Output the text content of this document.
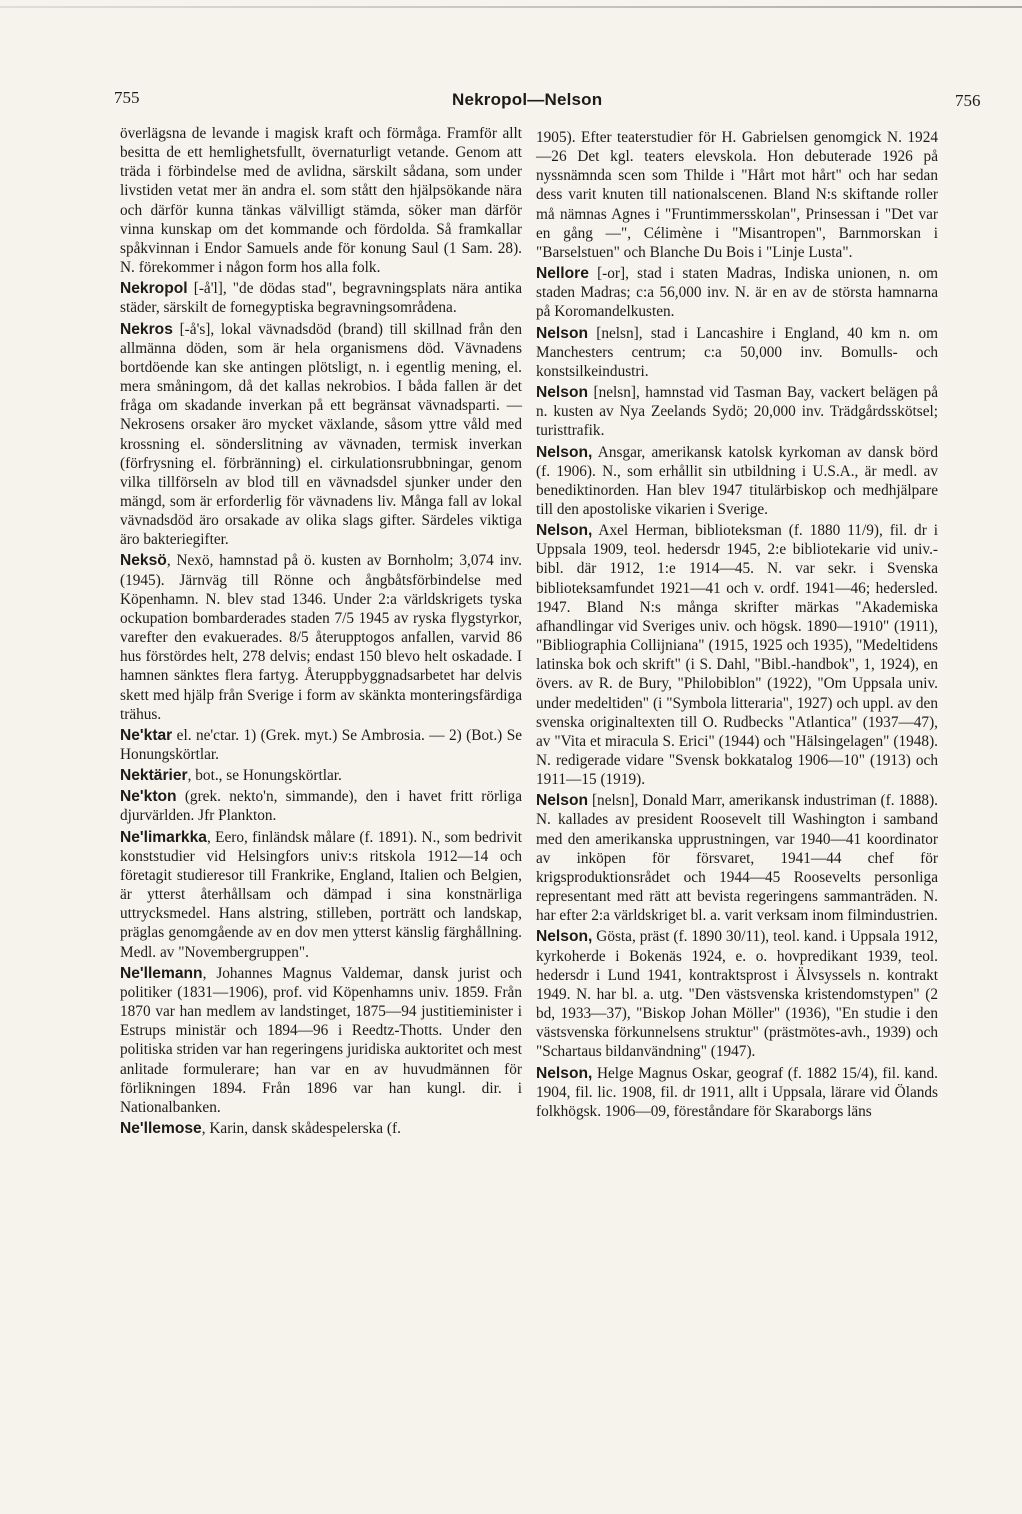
755	Nekropol—Nelson	756

överlägsna de levande i magisk kraft och förmåga. Framför allt besitta de ett hemlighetsfullt, övernaturligt vetande. Genom att träda i förbindelse med de avlidna, särskilt sådana, som under livstiden vetat mer än andra el. som stått den hjälpsökande nära och därför kunna tänkas välvilligt stämda, söker man därför vinna kunskap om det kommande och fördolda. Så framkallar spåkvinnan i Endor Samuels ande för konung Saul (1 Sam. 28). N. förekommer i någon form hos alla folk.

Nekropol [-å'l], "de dödas stad", begravningsplats nära antika städer, särskilt de fornegyptiska begravningsområdena.

Nekros [-å's], lokal vävnadsdöd (brand) till skillnad från den allmänna döden, som är hela organismens död. Vävnadens bortdöende kan ske antingen plötsligt, n. i egentlig mening, el. mera småningom, då det kallas nekrobios. I båda fallen är det fråga om skadande inverkan på ett begränsat vävnadsparti. — Nekrosens orsaker äro mycket växlande, såsom yttre våld med krossning el. sönderslitning av vävnaden, termisk inverkan (förfrysning el. förbränning) el. cirkulationsrubbningar, genom vilka tillförseln av blod till en vävnadsdel sjunker under den mängd, som är erforderlig för vävnadens liv. Många fall av lokal vävnadsdöd äro orsakade av olika slags gifter. Särdeles viktiga äro bakteriegifter.

Neksö, Nexö, hamnstad på ö. kusten av Bornholm; 3,074 inv. (1945). Järnväg till Rönne och ångbåtsförbindelse med Köpenhamn. N. blev stad 1346. Under 2:a världskrigets tyska ockupation bombarderades staden 7/5 1945 av ryska flygstyrkor, varefter den evakuerades. 8/5 återupptogos anfallen, varvid 86 hus förstördes helt, 278 delvis; endast 150 blevo helt oskadade. I hamnen sänktes flera fartyg. Återuppbyggnadsarbetet har delvis skett med hjälp från Sverige i form av skänkta monteringsfärdiga trähus.

Ne'ktar el. ne'ctar. 1) (Grek. myt.) Se Ambrosia. — 2) (Bot.) Se Honungskörtlar.

Nektärier, bot., se Honungskörtlar.

Ne'kton (grek. nekto'n, simmande), den i havet fritt rörliga djurvärlden. Jfr Plankton.

Ne'limarkka, Eero, finländsk målare (f. 1891). N., som bedrivit konststudier vid Helsingfors univ:s ritskola 1912—14 och företagit studieresor till Frankrike, England, Italien och Belgien, är ytterst återhållsam och dämpad i sina konstnärliga uttrycksmedel. Hans alstring, stilleben, porträtt och landskap, präglas genomgående av en dov men ytterst känslig färghållning. Medl. av "Novembergruppen".

Ne'llemann, Johannes Magnus Valdemar, dansk jurist och politiker (1831—1906), prof. vid Köpenhamns univ. 1859. Från 1870 var han medlem av landstinget, 1875—94 justitieminister i Estrups ministär och 1894—96 i Reedtz-Thotts. Under den politiska striden var han regeringens juridiska auktoritet och mest anlitade formulerare; han var en av huvudmännen för förlikningen 1894. Från 1896 var han kungl. dir. i Nationalbanken.

Ne'llemose, Karin, dansk skådespelerska (f.

1905). Efter teaterstudier för H. Gabrielsen genomgick N. 1924—26 Det kgl. teaters elevskola. Hon debuterade 1926 på nyssnämnda scen som Thilde i "Hårt mot hårt" och har sedan dess varit knuten till nationalscenen. Bland N:s skiftande roller må nämnas Agnes i "Fruntimmersskolan", Prinsessan i "Det var en gång —", Célimène i "Misantropen", Barnmorskan i "Barselstuen" och Blanche Du Bois i "Linje Lusta".

Nellore [-or], stad i staten Madras, Indiska unionen, n. om staden Madras; c:a 56,000 inv. N. är en av de största hamnarna på Koromandelkusten.

Nelson [nelsn], stad i Lancashire i England, 40 km n. om Manchesters centrum; c:a 50,000 inv. Bomulls- och konstsilkeindustri.

Nelson [nelsn], hamnstad vid Tasman Bay, vackert belägen på n. kusten av Nya Zeelands Sydö; 20,000 inv. Trädgårdsskötsel; turisttrafik.

Nelson, Ansgar, amerikansk katolsk kyrkoman av dansk börd (f. 1906). N., som erhållit sin utbildning i U.S.A., är medl. av benediktinorden. Han blev 1947 titulärbiskop och medhjälpare till den apostoliske vikarien i Sverige.

Nelson, Axel Herman, biblioteksman (f. 1880 11/9), fil. dr i Uppsala 1909, teol. hedersdr 1945, 2:e bibliotekarie vid univ.-bibl. där 1912, 1:e 1914—45. N. var sekr. i Svenska biblioteksamfundet 1921—41 och v. ordf. 1941—46; hedersled. 1947. Bland N:s många skrifter märkas "Akademiska afhandlingar vid Sveriges univ. och högsk. 1890—1910" (1911), "Bibliographia Collijniana" (1915, 1925 och 1935), "Medeltidens latinska bok och skrift" (i S. Dahl, "Bibl.-handbok", 1, 1924), en övers. av R. de Bury, "Philobiblon" (1922), "Om Uppsala univ. under medeltiden" (i "Symbola litteraria", 1927) och uppl. av den svenska originaltexten till O. Rudbecks "Atlantica" (1937—47), av "Vita et miracula S. Erici" (1944) och "Hälsingelagen" (1948). N. redigerade vidare "Svensk bokkatalog 1906—10" (1913) och 1911—15 (1919).

Nelson [nelsn], Donald Marr, amerikansk industriman (f. 1888). N. kallades av president Roosevelt till Washington i samband med den amerikanska upprustningen, var 1940—41 koordinator av inköpen för försvaret, 1941—44 chef för krigsproduktionsrådet och 1944—45 Roosevelts personliga representant med rätt att bevista regeringens sammanträden. N. har efter 2:a världskriget bl. a. varit verksam inom filmindustrien.

Nelson, Gösta, präst (f. 1890 30/11), teol. kand. i Uppsala 1912, kyrkoherde i Bokenäs 1924, e. o. hovpredikant 1939, teol. hedersdr i Lund 1941, kontraktsprost i Älvsyssels n. kontrakt 1949. N. har bl. a. utg. "Den västsvenska kristendomstypen" (2 bd, 1933—37), "Biskop Johan Möller" (1936), "En studie i den västsvenska förkunnelsens struktur" (prästmötes-avh., 1939) och "Schartaus bildanvändning" (1947).

Nelson, Helge Magnus Oskar, geograf (f. 1882 15/4), fil. kand. 1904, fil. lic. 1908, fil. dr 1911, allt i Uppsala, lärare vid Ölands folkhögsk. 1906—09, föreståndare för Skaraborgs läns
